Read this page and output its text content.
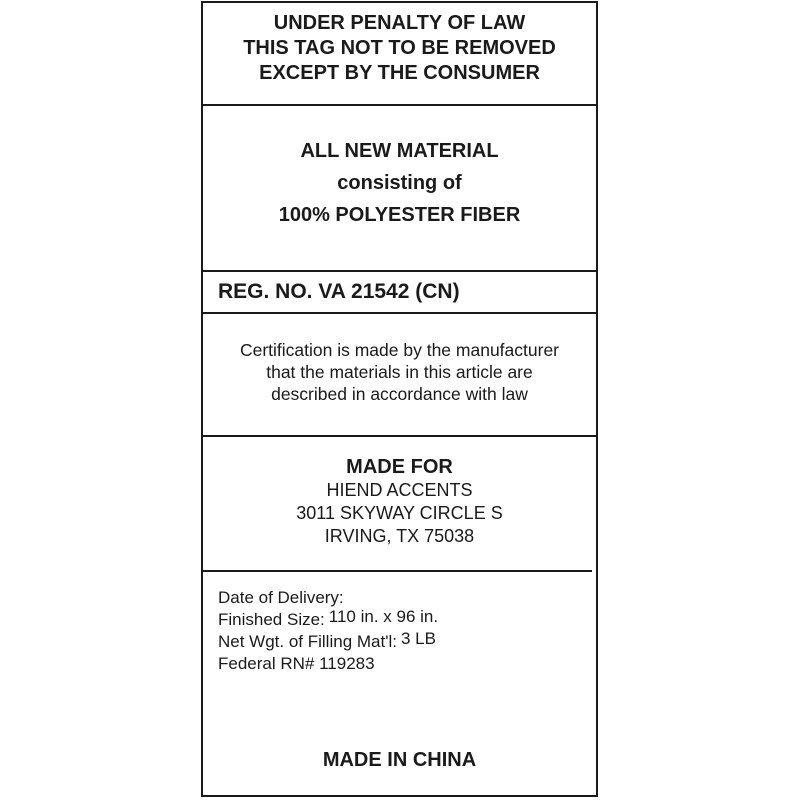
UNDER PENALTY OF LAW
THIS TAG NOT TO BE REMOVED
EXCEPT BY THE CONSUMER
ALL NEW MATERIAL
consisting of
100% POLYESTER FIBER
REG. NO. VA 21542 (CN)
Certification is made by the manufacturer
that the materials in this article are
described in accordance with law
MADE FOR
HIEND ACCENTS
3011 SKYWAY CIRCLE S
IRVING, TX 75038
Date of Delivery:
Finished Size: 110 in. x 96 in.
Net Wgt. of Filling Mat'l: 3 LB
Federal RN# 119283
MADE IN CHINA
